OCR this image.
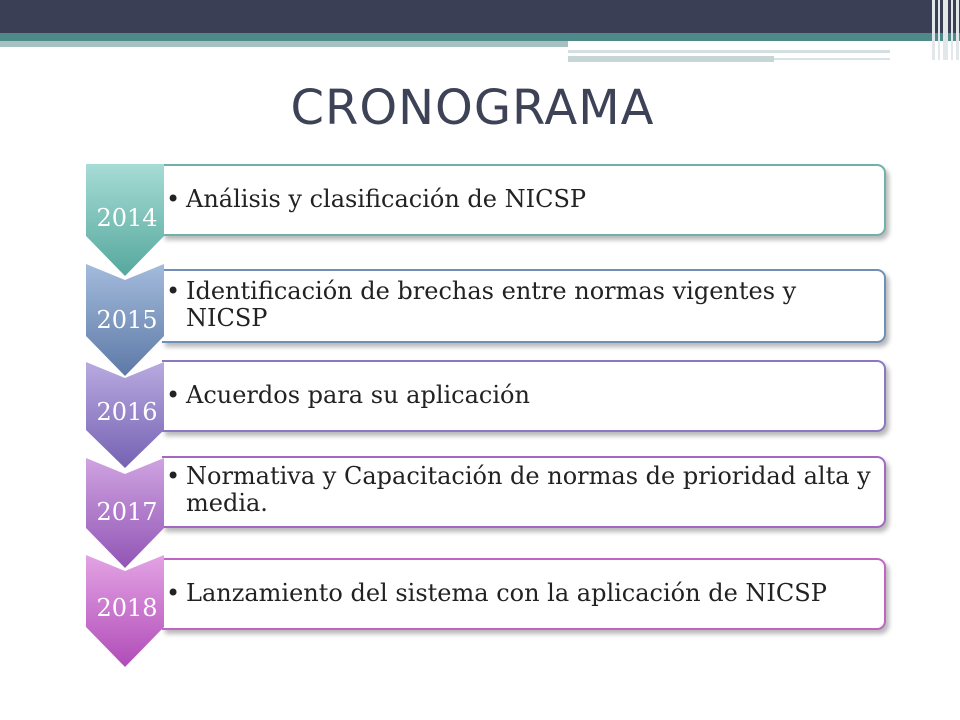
CRONOGRAMA
• Análisis y clasificación de NICSP
2014
• Identificación de brechas entre normas vigentes y NICSP
2015
• Acuerdos para su aplicación
2016
• Normativa y Capacitación de normas de prioridad alta y media.
2017
• Lanzamiento del sistema con la aplicación de NICSP
2018
